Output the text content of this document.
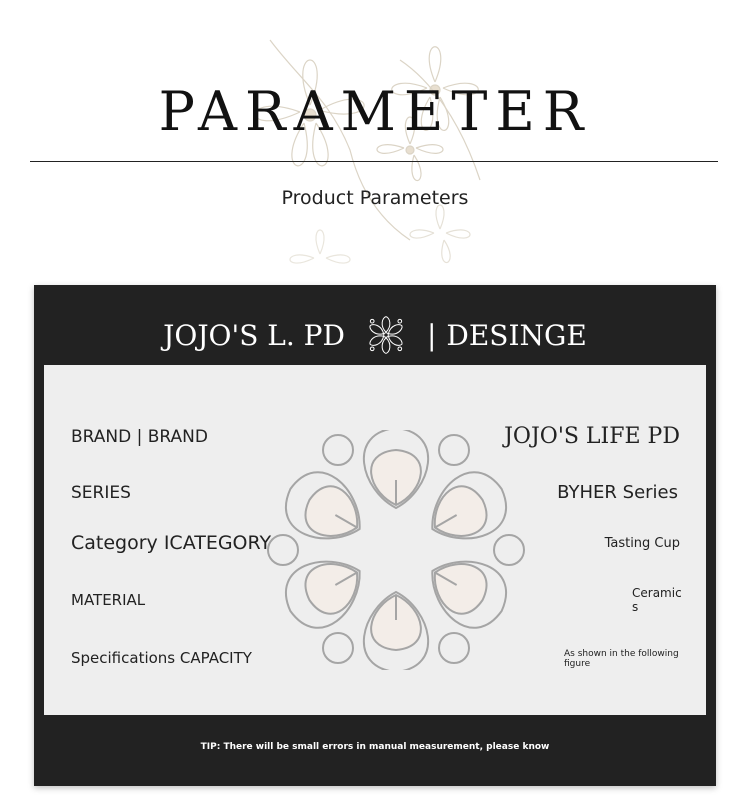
PARAMETER
Product Parameters
JOJO'S L. PD	| DESINGE
BRAND | BRAND
SERIES
Category ICATEGORY
MATERIAL
Specifications CAPACITY
JOJO'S LIFE PD
BYHER Series
Tasting Cup
Ceramics
As shown in the following figure
TIP: There will be small errors in manual measurement, please know
